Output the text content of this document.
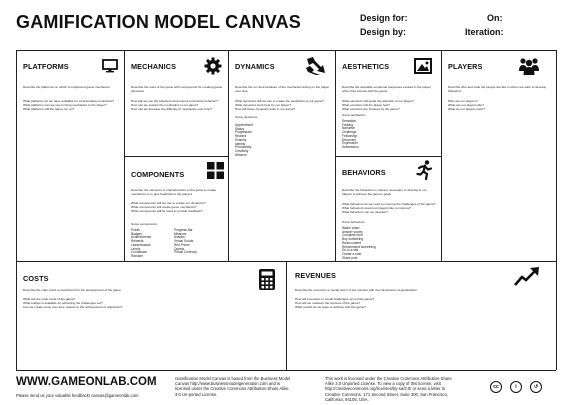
GAMIFICATION MODEL CANVAS	Design for:
Design by:
On:
Iteration:
PLATFORMS
Describe the platforms on which to implement game mechanics
What platforms do we have available for incorporating mechanics?
What platforms can we use to bring mechanics to the player?
What platforms will the game run on?
MECHANICS
Describe the rules of the game with components for creating game dynamics
How will we use the selected components to develop behavior?
How can we sustain the mechanics in our game?
How can we increase the difficulty of mechanics over time?
DYNAMICS
Describe the run-time behavior of the mechanics acting on the player over time
What dynamics will we use to create the aesthetics of our game?
What dynamics work best for our player?
How will these dynamics work in our game?
Some dynamics:
Appointment
Status
Progression
Reward
Scarcity
Identity
Productivity
Creativity
Altruism
AESTHETICS
Describe the desirable emotional responses evoked in the player, when they interact with the game
What elements will guide the attention of our player?
What emotions will the player feel?
What emotions are fostered by the game?
Some aesthetics:
Sensation
Fantasy
Narrative
Challenge
Fellowship
Discovery
Expression
Submission
PLAYERS
Describe who and what the people are like in whom we want to develop behaviors
Who are our players?
What are our players like?
What do our players want?
COMPONENTS
Describe the elements or characteristics of the game to create mechanics or to give feedback to the players
What components will we use to create our dynamics?
What components will create game mechanics?
What components will be used to provide feedback?
Some components:
Points	Progress Bar
Badges	Missions
Achievements	Avatars
Rewards	Virtual Goods
Leaderboards	Red Prices
Levels	Quests
Countdown	Virtual Currency
Random
BEHAVIORS
Describe the behaviors or actions necessary to develop in our players to achieve the game's goals
What behaviors do we need to improve the challenges of the game?
What behaviors would our players like to improve?
What behaviors can we develop?
Some behaviors:
Watch video
Answer survey
Complete form
Buy something
Read content
Recommend something
Go to a site
Create a note
Share post
COSTS
Describe the main costs or investment for the development of the game
What are the main costs of the game?
What budget is available for achieving the challenges set?
Can we create costs over time, based on the achievement of objectives?
REVENUES
Describe the economic or social return of the solution with the introduction of gamification
How will economic or social challenges set out the game?
How will we measure the success of the game?
What results do we hope to achieve with the game?
WWW.GAMEONLAB.COM
Please send us your valuable feedback! canvas@gameonlab.com
Gamification Model Canvas is based from the Business Model Canvas http://www.businessmodelgeneration.com and is licensed under the Creative Commons Attribution-Share Alike 3.0 Un-ported License.
This work is licensed under the Creative Commons Attribution-Share Alike 3.0 Unported License. To view a copy of this license, visit http://creativecommons.org/licenses/by-sa/3.0/ or send a letter to Creative Commons, 171 Second Street, Suite 300, San Francisco, California, 94105, USA.
cc	i	↺
